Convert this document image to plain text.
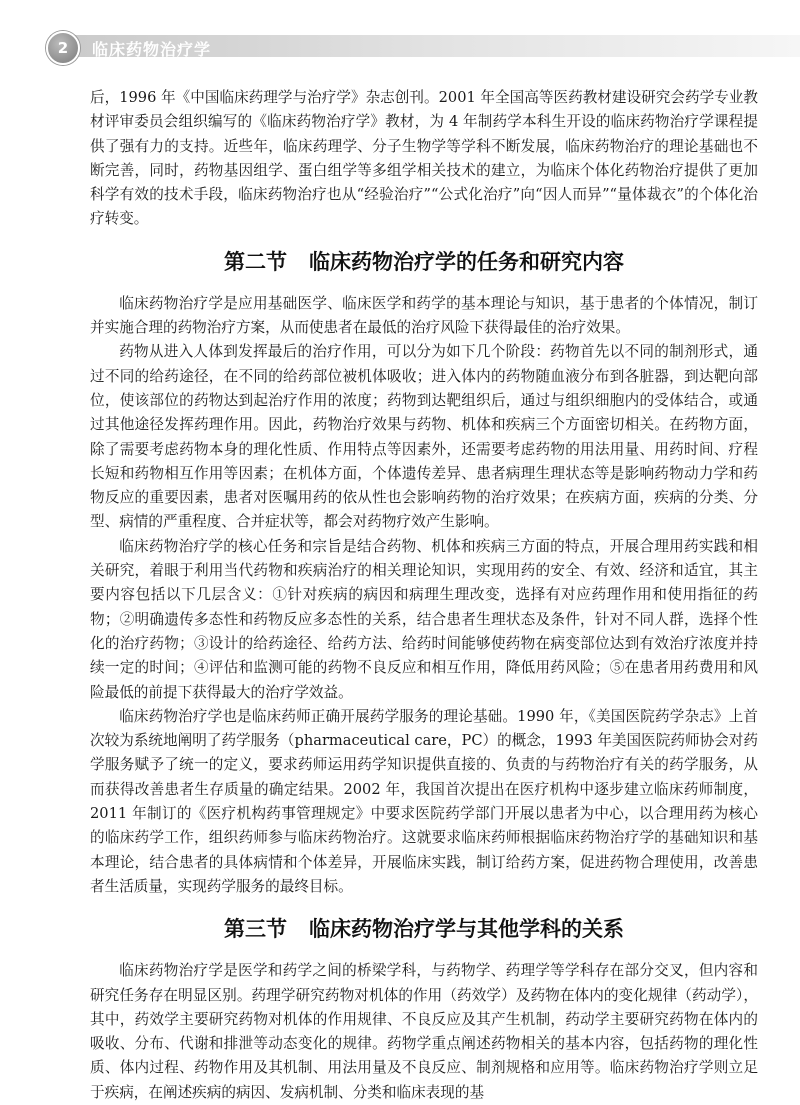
2	临床药物治疗学

后，1996 年《中国临床药理学与治疗学》杂志创刊。2001 年全国高等医药教材建设研究会药学专业教材评审委员会组织编写的《临床药物治疗学》教材，为 4 年制药学本科生开设的临床药物治疗学课程提供了强有力的支持。近些年，临床药理学、分子生物学等学科不断发展，临床药物治疗的理论基础也不断完善，同时，药物基因组学、蛋白组学等多组学相关技术的建立，为临床个体化药物治疗提供了更加科学有效的技术手段，临床药物治疗也从“经验治疗”“公式化治疗”向“因人而异”“量体裁衣”的个体化治疗转变。

第二节 临床药物治疗学的任务和研究内容

临床药物治疗学是应用基础医学、临床医学和药学的基本理论与知识，基于患者的个体情况，制订并实施合理的药物治疗方案，从而使患者在最低的治疗风险下获得最佳的治疗效果。

药物从进入人体到发挥最后的治疗作用，可以分为如下几个阶段：药物首先以不同的制剂形式，通过不同的给药途径，在不同的给药部位被机体吸收；进入体内的药物随血液分布到各脏器，到达靶向部位，使该部位的药物达到起治疗作用的浓度；药物到达靶组织后，通过与组织细胞内的受体结合，或通过其他途径发挥药理作用。因此，药物治疗效果与药物、机体和疾病三个方面密切相关。在药物方面，除了需要考虑药物本身的理化性质、作用特点等因素外，还需要考虑药物的用法用量、用药时间、疗程长短和药物相互作用等因素；在机体方面，个体遗传差异、患者病理生理状态等是影响药物动力学和药物反应的重要因素，患者对医嘱用药的依从性也会影响药物的治疗效果；在疾病方面，疾病的分类、分型、病情的严重程度、合并症状等，都会对药物疗效产生影响。

临床药物治疗学的核心任务和宗旨是结合药物、机体和疾病三方面的特点，开展合理用药实践和相关研究，着眼于利用当代药物和疾病治疗的相关理论知识，实现用药的安全、有效、经济和适宜，其主要内容包括以下几层含义：①针对疾病的病因和病理生理改变，选择有对应药理作用和使用指征的药物；②明确遗传多态性和药物反应多态性的关系，结合患者生理状态及条件，针对不同人群，选择个性化的治疗药物；③设计的给药途径、给药方法、给药时间能够使药物在病变部位达到有效治疗浓度并持续一定的时间；④评估和监测可能的药物不良反应和相互作用，降低用药风险；⑤在患者用药费用和风险最低的前提下获得最大的治疗学效益。

临床药物治疗学也是临床药师正确开展药学服务的理论基础。1990 年，《美国医院药学杂志》上首次较为系统地阐明了药学服务（pharmaceutical care，PC）的概念，1993 年美国医院药师协会对药学服务赋予了统一的定义，要求药师运用药学知识提供直接的、负责的与药物治疗有关的药学服务，从而获得改善患者生存质量的确定结果。2002 年，我国首次提出在医疗机构中逐步建立临床药师制度，2011 年制订的《医疗机构药事管理规定》中要求医院药学部门开展以患者为中心，以合理用药为核心的临床药学工作，组织药师参与临床药物治疗。这就要求临床药师根据临床药物治疗学的基础知识和基本理论，结合患者的具体病情和个体差异，开展临床实践，制订给药方案，促进药物合理使用，改善患者生活质量，实现药学服务的最终目标。

第三节 临床药物治疗学与其他学科的关系

临床药物治疗学是医学和药学之间的桥梁学科，与药物学、药理学等学科存在部分交叉，但内容和研究任务存在明显区别。药理学研究药物对机体的作用（药效学）及药物在体内的变化规律（药动学），其中，药效学主要研究药物对机体的作用规律、不良反应及其产生机制，药动学主要研究药物在体内的吸收、分布、代谢和排泄等动态变化的规律。药物学重点阐述药物相关的基本内容，包括药物的理化性质、体内过程、药物作用及其机制、用法用量及不良反应、制剂规格和应用等。临床药物治疗学则立足于疾病，在阐述疾病的病因、发病机制、分类和临床表现的基
